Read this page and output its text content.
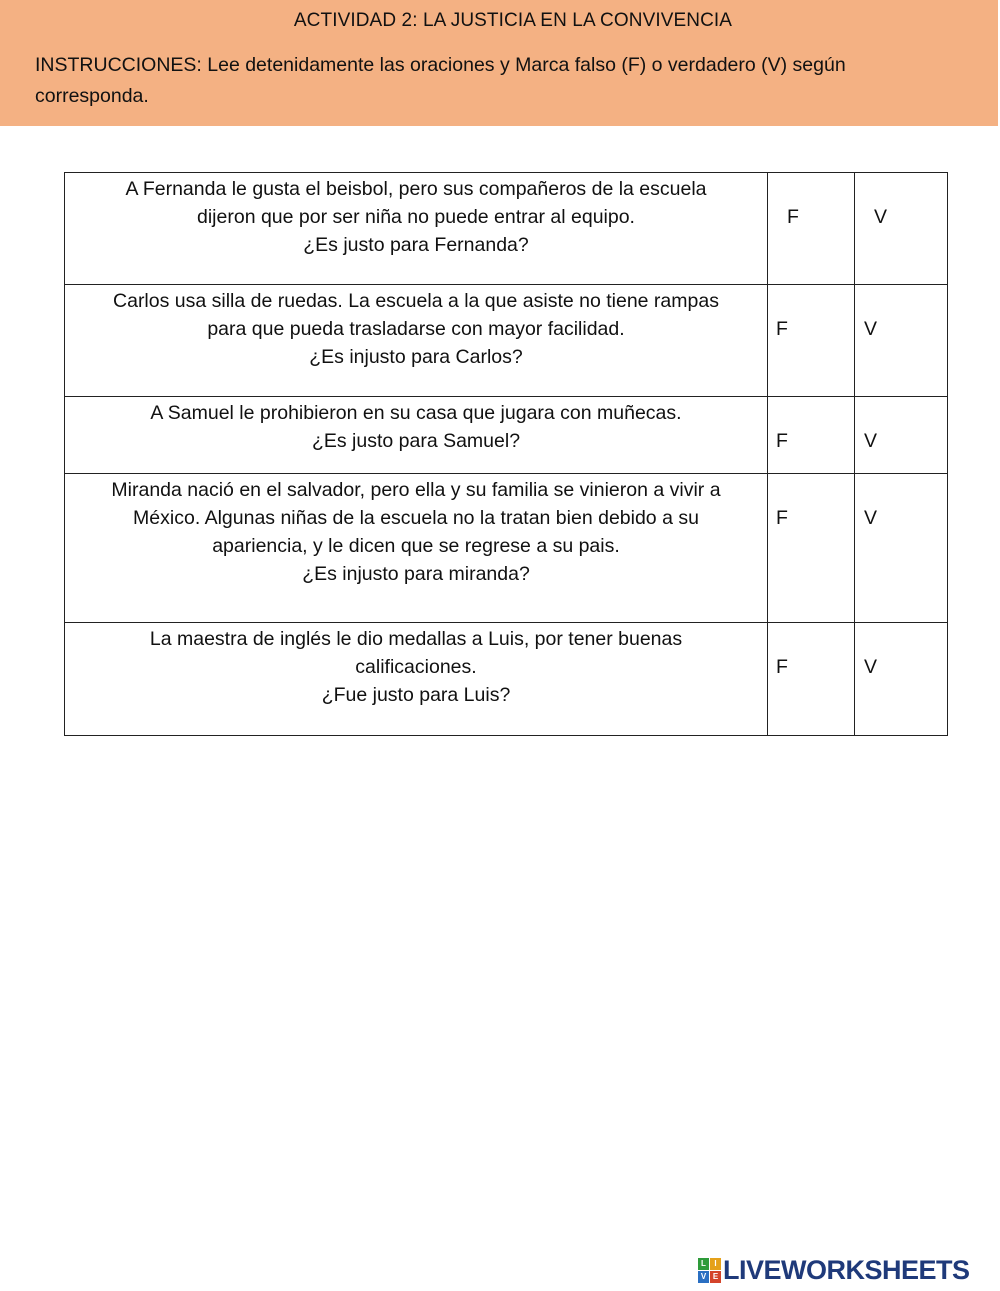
ACTIVIDAD 2: LA JUSTICIA EN LA CONVIVENCIA
INSTRUCCIONES: Lee detenidamente las oraciones y Marca falso (F) o verdadero (V) según corresponda.
A Fernanda le gusta el beisbol, pero sus compañeros de la escuela
dijeron que por ser niña no puede entrar al equipo.
¿Es justo para Fernanda?	F	V

Carlos usa silla de ruedas. La escuela a la que asiste no tiene rampas
para que pueda trasladarse con mayor facilidad.
¿Es injusto para Carlos?	F	V

A Samuel le prohibieron en su casa que jugara con muñecas.
¿Es justo para Samuel?	F	V

Miranda nació en el salvador, pero ella y su familia se vinieron a vivir a
México. Algunas niñas de la escuela no la tratan bien debido a su
apariencia, y le dicen que se regrese a su pais.
¿Es injusto para miranda?	F	V

La maestra de inglés le dio medallas a Luis, por tener buenas
calificaciones.
¿Fue justo para Luis?	F	V
L	I
V E LIVEWORKSHEETS
